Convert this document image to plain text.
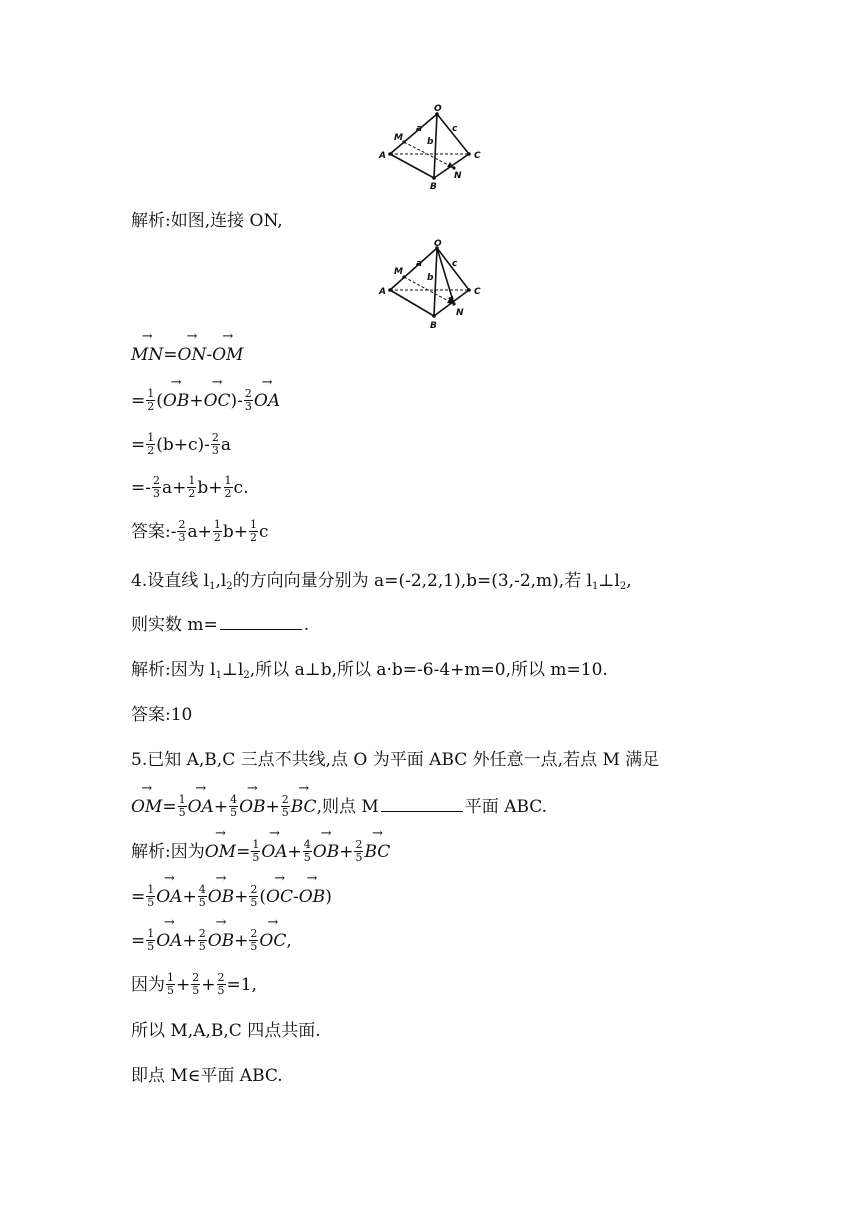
O
A
B
C
M
N
a
b
c
解析:如图,连接 ON,
O
A
B
C
M
N
a
b
c
→ MN=→ ON-→ OM
= $\frac{1}{2}$ (→ $OB+\to OC)- \frac{2}{3}$
→ OA
= $\frac{1}{2} (b+c)- \frac{2}{3}$ a
=- $\frac{2}{3} a+ \frac{1}{2} b+ \frac{1}{2} c$.
答案:- $\frac{2}{3} a+ \frac{1}{2} b+ \frac{1}{2}$ c
4.设直线 l1,l2的方向向量分别为 a=(-2,2,1),b=(3,-2,m),若 l1⊥l2,
则实数 m=	.
解析:因为 l1⊥l2,所以 a⊥b,所以 a·b=-6-4+m=0,所以 m=10.
答案:10
5.已知 A,B,C 三点不共线,点 O 为平面 ABC 外任意一点,若点 M 满足
→ $OM= \frac{1}{5}$
→ $OA+ \frac{4}{5}$
→ $OB+ \frac{2}{5}$
→ BC,则点 M	平面 ABC.
解析:因为→ $OM= \frac{1}{5}$
→ $OA+ \frac{4}{5}$
→ $OB+ \frac{2}{5}$
→ BC
= $\frac{1}{5}$
→ $OA+ \frac{4}{5}$
→ $OB+ \frac{2}{5}$ (→ OC-→ OB)
= $\frac{1}{5}$
→ $OA+ \frac{2}{5}$
→ $OB+ \frac{2}{5}$
→ OC,
因为 $\frac{1}{5} + \frac{2}{5} + \frac{2}{5} =1$,
所以 M,A,B,C 四点共面.
即点 M∈平面 ABC.
